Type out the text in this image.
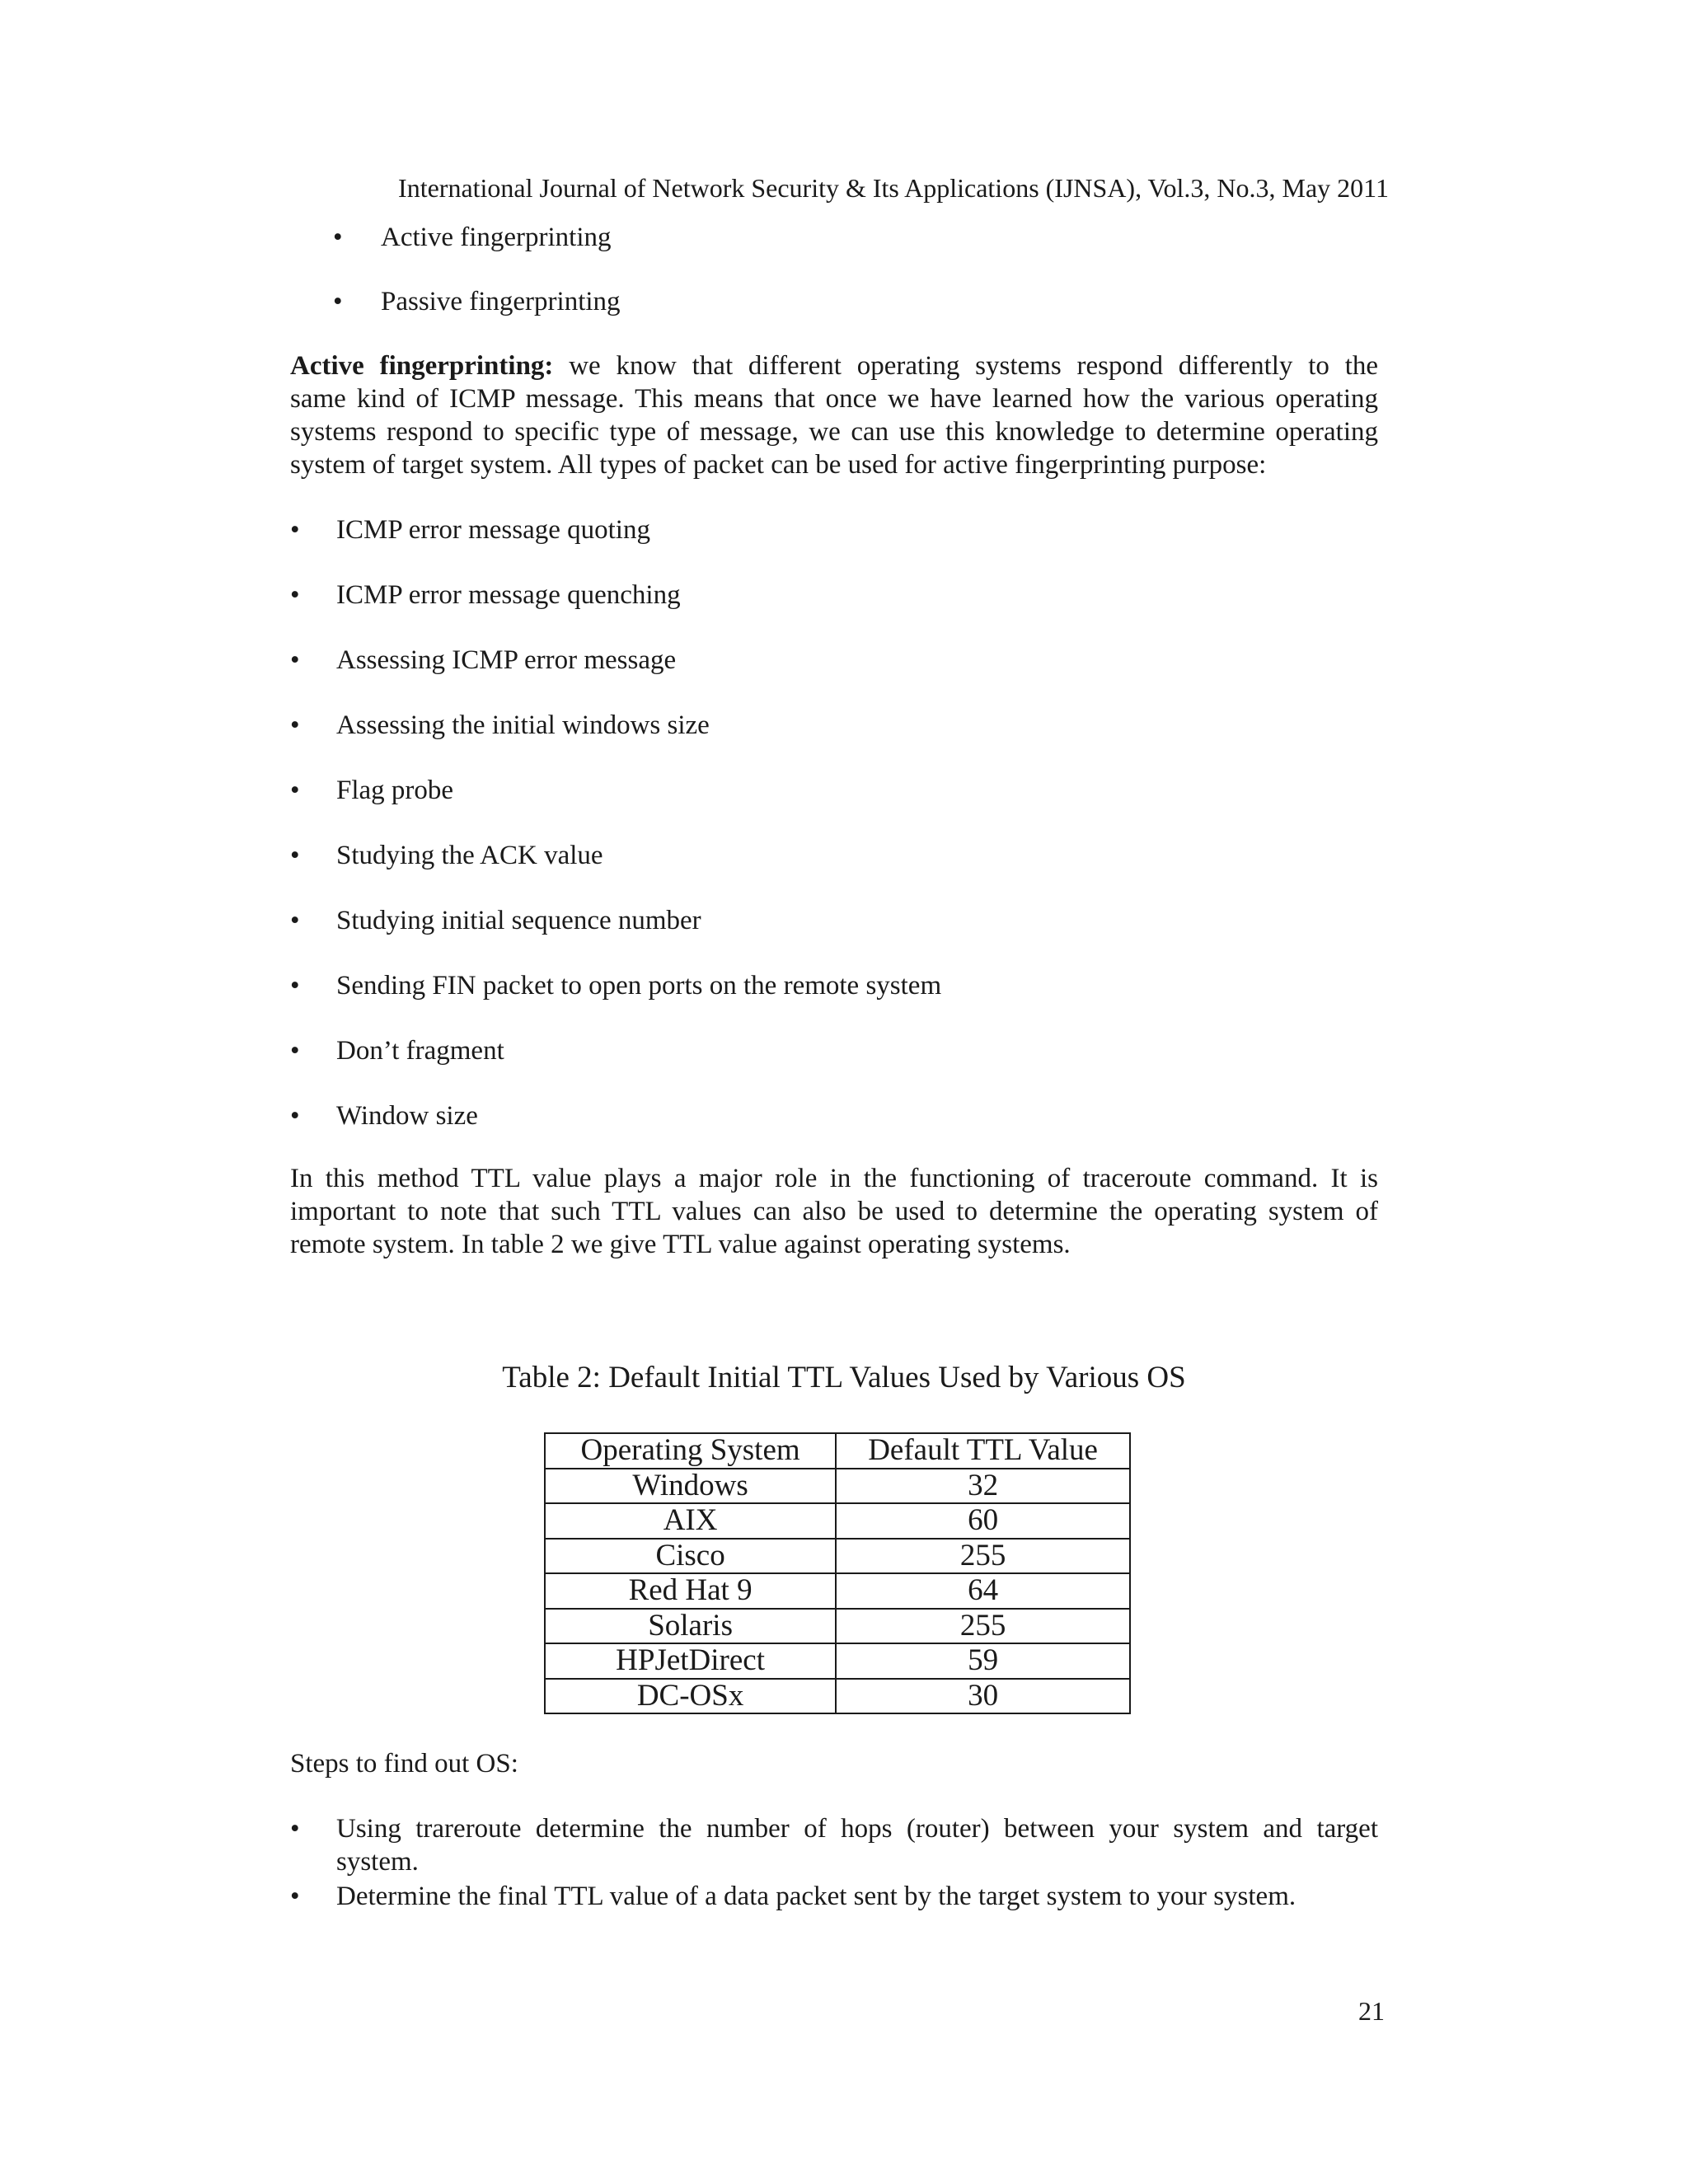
International Journal of Network Security & Its Applications (IJNSA), Vol.3, No.3, May 2011
• Active fingerprinting
• Passive fingerprinting
Active fingerprinting: we know that different operating systems respond differently to the
same kind of ICMP message. This means that once we have learned how the various operating
systems respond to specific type of message, we can use this knowledge to determine operating
system of target system. All types of packet can be used for active fingerprinting purpose:
• ICMP error message quoting
• ICMP error message quenching
• Assessing ICMP error message
• Assessing the initial windows size
• Flag probe
• Studying the ACK value
• Studying initial sequence number
• Sending FIN packet to open ports on the remote system
• Don’t fragment
• Window size
In this method TTL value plays a major role in the functioning of traceroute command. It is
important to note that such TTL values can also be used to determine the operating system of
remote system. In table 2 we give TTL value against operating systems.
Table 2: Default Initial TTL Values Used by Various OS
Operating System	Default TTL Value
Windows	32
AIX	60
Cisco	255
Red Hat 9	64
Solaris	255
HPJetDirect	59
DC-OSx	30
Steps to find out OS:
• Using trareroute determine the number of hops (router) between your system and target
system.
• Determine the final TTL value of a data packet sent by the target system to your system.
21
